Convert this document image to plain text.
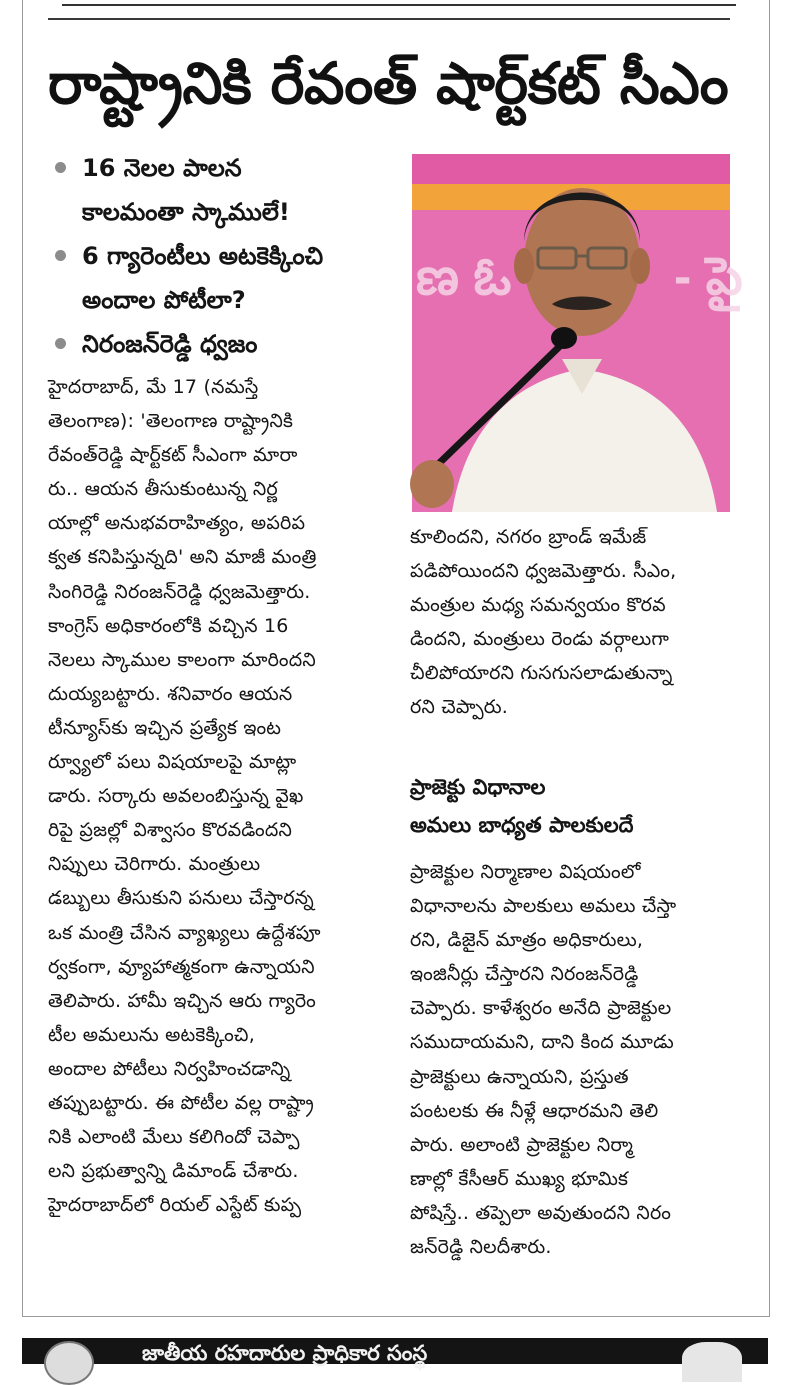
రాష్ట్రానికి రేవంత్ షార్ట్‌కట్ సీఎం
16 నెలల పాలన
కాలమంతా స్కాములే!
6 గ్యారెంటీలు అటకెక్కించి
అందాల పోటీలా?
నిరంజన్‌రెడ్డి ధ్వజం
హైదరాబాద్, మే 17 (నమస్తే
తెలంగాణ): 'తెలంగాణ రాష్ట్రానికి
రేవంత్‌రెడ్డి షార్ట్‌కట్ సీఎంగా మారా
రు.. ఆయన తీసుకుంటున్న నిర్ణ
యాల్లో అనుభవరాహిత్యం, అపరిప
క్వత కనిపిస్తున్నది' అని మాజీ మంత్రి
సింగిరెడ్డి నిరంజన్‌రెడ్డి ధ్వజమెత్తారు.
కాంగ్రెస్ అధికారంలోకి వచ్చిన 16
నెలలు స్కాముల కాలంగా మారిందని
దుయ్యబట్టారు. శనివారం ఆయన
టీన్యూస్‌కు ఇచ్చిన ప్రత్యేక ఇంట
ర్వ్యూలో పలు విషయాలపై మాట్లా
డారు. సర్కారు అవలంబిస్తున్న వైఖ
రిపై ప్రజల్లో విశ్వాసం కొరవడిందని
నిప్పులు చెరిగారు. మంత్రులు
డబ్బులు తీసుకుని పనులు చేస్తారన్న
ఒక మంత్రి చేసిన వ్యాఖ్యలు ఉద్దేశపూ
ర్వకంగా, వ్యూహాత్మకంగా ఉన్నాయని
తెలిపారు. హామీ ఇచ్చిన ఆరు గ్యారెం
టీల అమలును అటకెక్కించి,
అందాల పోటీలు నిర్వహించడాన్ని
తప్పుబట్టారు. ఈ పోటీల వల్ల రాష్ట్రా
నికి ఎలాంటి మేలు కలిగిందో చెప్పా
లని ప్రభుత్వాన్ని డిమాండ్ చేశారు.
హైదరాబాద్‌లో రియల్ ఎస్టేట్ కుప్ప
ణ ఓ	- పై
కూలిందని, నగరం బ్రాండ్ ఇమేజ్
పడిపోయిందని ధ్వజమెత్తారు. సీఎం,
మంత్రుల మధ్య సమన్వయం కొరవ
డిందని, మంత్రులు రెండు వర్గాలుగా
చీలిపోయారని గుసగుసలాడుతున్నా
రని చెప్పారు.
ప్రాజెక్టు విధానాల
అమలు బాధ్యత పాలకులదే
ప్రాజెక్టుల నిర్మాణాల విషయంలో
విధానాలను పాలకులు అమలు చేస్తా
రని, డిజైన్ మాత్రం అధికారులు,
ఇంజినీర్లు చేస్తారని నిరంజన్‌రెడ్డి
చెప్పారు. కాళేశ్వరం అనేది ప్రాజెక్టుల
సముదాయమని, దాని కింద మూడు
ప్రాజెక్టులు ఉన్నాయని, ప్రస్తుత
పంటలకు ఈ నీళ్లే ఆధారమని తెలి
పారు. అలాంటి ప్రాజెక్టుల నిర్మా
ణాల్లో కేసీఆర్ ముఖ్య భూమిక
పోషిస్తే.. తప్పెలా అవుతుందని నిరం
జన్‌రెడ్డి నిలదీశారు.
జాతీయ రహదారుల ప్రాధికార సంస్థ
